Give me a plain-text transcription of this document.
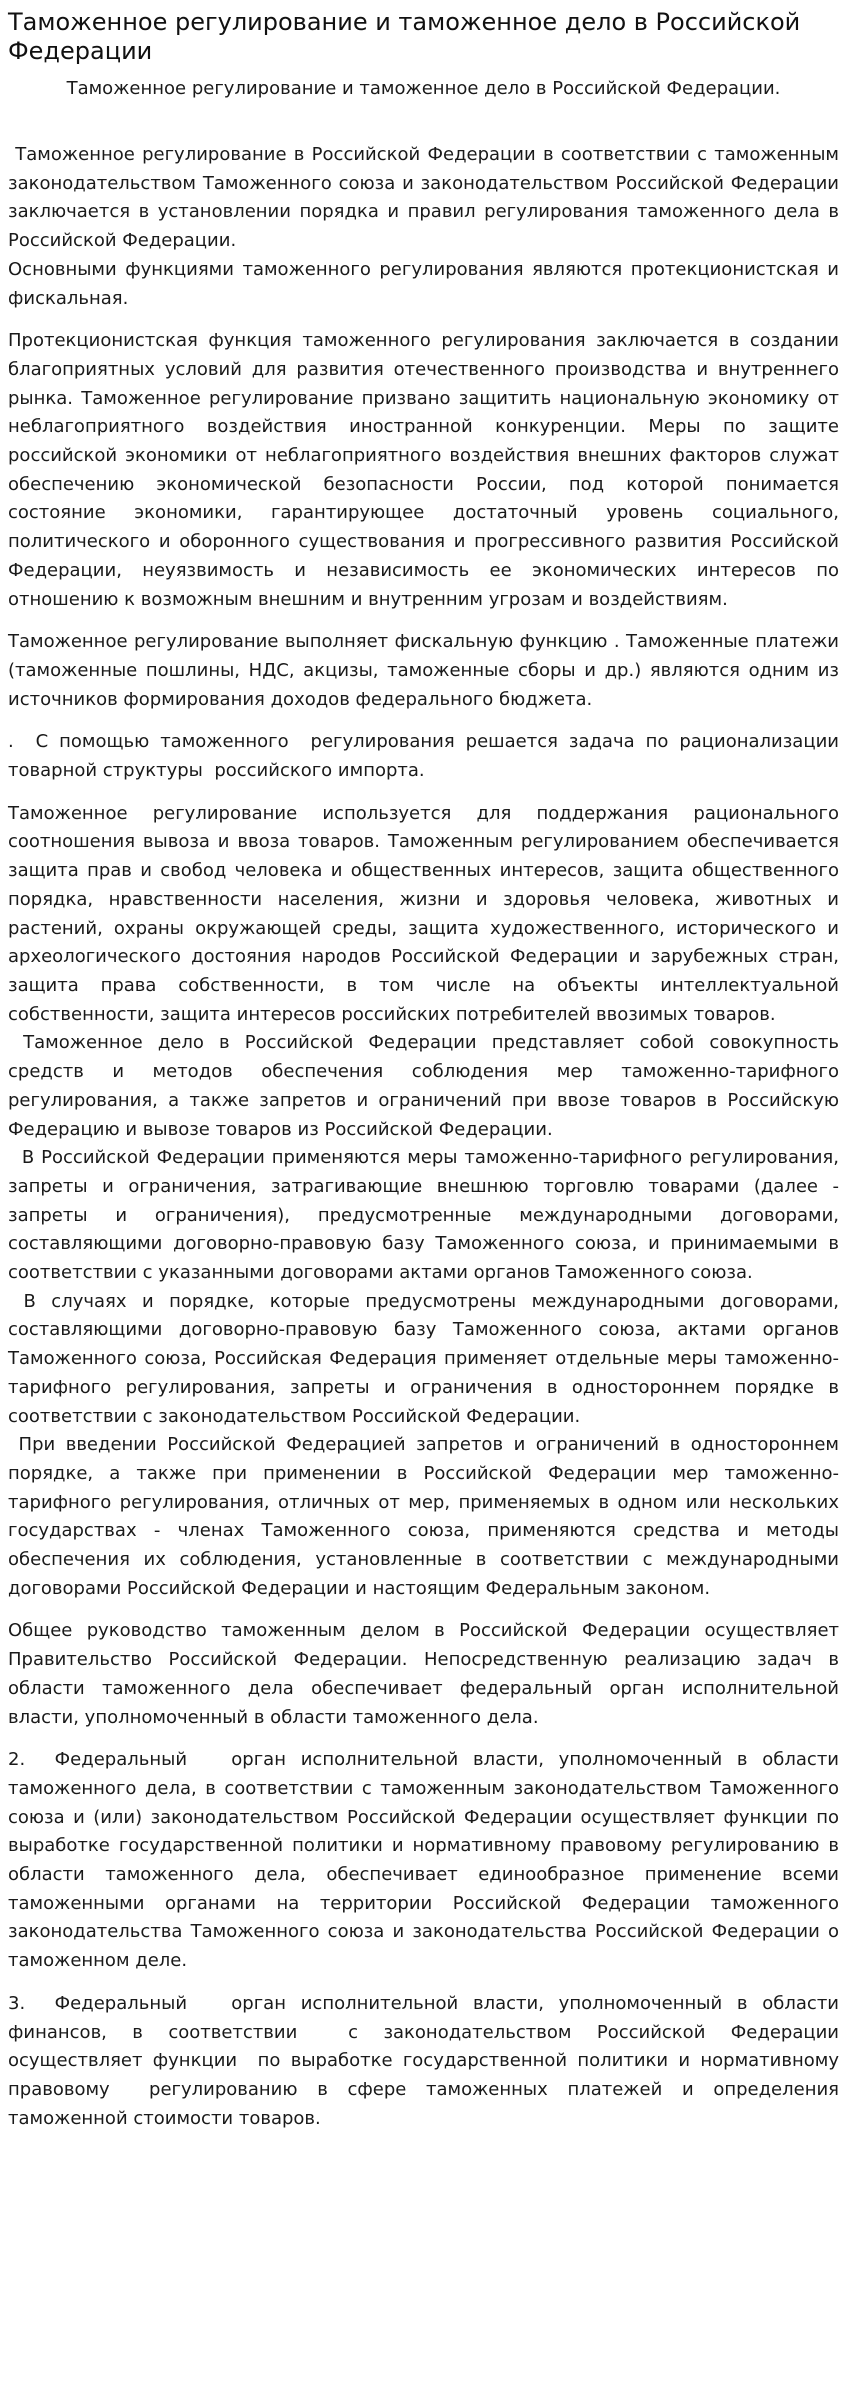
Таможенное регулирование и таможенное дело в Российской Федерации
Таможенное регулирование и таможенное дело в Российской Федерации.

Таможенное регулирование в Российской Федерации в соответствии с таможенным законодательством Таможенного союза и законодательством Российской Федерации заключается в установлении порядка и правил регулирования таможенного дела в Российской Федерации.

Основными функциями таможенного регулирования являются протекционистская и фискальная.

Протекционистская функция таможенного регулирования заключается в создании благоприятных условий для развития отечественного производства и внутреннего рынка. Таможенное регулирование призвано защитить национальную экономику от неблагоприятного воздействия иностранной конкуренции. Меры по защите российской экономики от неблагоприятного воздействия внешних факторов служат обеспечению экономической безопасности России, под которой понимается состояние экономики, гарантирующее достаточный уровень социального, политического и оборонного существования и прогрессивного развития Российской Федерации, неуязвимость и независимость ее экономических интересов по отношению к возможным внешним и внутренним угрозам и воздействиям.

Таможенное регулирование выполняет фискальную функцию . Таможенные платежи (таможенные пошлины, НДС, акцизы, таможенные сборы и др.) являются одним из источников формирования доходов федерального бюджета.

.  С помощью таможенного  регулирования решается задача по рационализации товарной структуры  российского импорта.

Таможенное регулирование используется для поддержания рационального соотношения вывоза и ввоза товаров. Таможенным регулированием обеспечивается защита прав и свобод человека и общественных интересов, защита общественного порядка, нравственности населения, жизни и здоровья человека, животных и растений, охраны окружающей среды, защита художественного, исторического и археологического достояния народов Российской Федерации и зарубежных стран, защита права собственности, в том числе на объекты интеллектуальной собственности, защита интересов российских потребителей ввозимых товаров.

Таможенное дело в Российской Федерации представляет собой совокупность средств и методов обеспечения соблюдения мер таможенно-тарифного регулирования, а также запретов и ограничений при ввозе товаров в Российскую Федерацию и вывозе товаров из Российской Федерации.

В Российской Федерации применяются меры таможенно-тарифного регулирования, запреты и ограничения, затрагивающие внешнюю торговлю товарами (далее - запреты и ограничения), предусмотренные международными договорами, составляющими договорно-правовую базу Таможенного союза, и принимаемыми в соответствии с указанными договорами актами органов Таможенного союза.

В случаях и порядке, которые предусмотрены международными договорами, составляющими договорно-правовую базу Таможенного союза, актами органов Таможенного союза, Российская Федерация применяет отдельные меры таможенно-тарифного регулирования, запреты и ограничения в одностороннем порядке в соответствии с законодательством Российской Федерации.

При введении Российской Федерацией запретов и ограничений в одностороннем порядке, а также при применении в Российской Федерации мер таможенно-тарифного регулирования, отличных от мер, применяемых в одном или нескольких государствах - членах Таможенного союза, применяются средства и методы обеспечения их соблюдения, установленные в соответствии с международными договорами Российской Федерации и настоящим Федеральным законом.

Общее руководство таможенным делом в Российской Федерации осуществляет Правительство Российской Федерации. Непосредственную реализацию задач в области таможенного дела обеспечивает федеральный орган исполнительной власти, уполномоченный в области таможенного дела.

2.  Федеральный   орган исполнительной власти, уполномоченный в области таможенного дела, в соответствии с таможенным законодательством Таможенного союза и (или) законодательством Российской Федерации осуществляет функции по выработке государственной политики и нормативному правовому регулированию в области таможенного дела, обеспечивает единообразное применение всеми таможенными органами на территории Российской Федерации таможенного законодательства Таможенного союза и законодательства Российской Федерации о таможенном деле.

3.  Федеральный   орган исполнительной власти, уполномоченный в области финансов, в соответствии  с законодательством Российской Федерации осуществляет функции  по выработке государственной политики и нормативному правовому  регулированию в сфере таможенных платежей и определения таможенной стоимости товаров.
